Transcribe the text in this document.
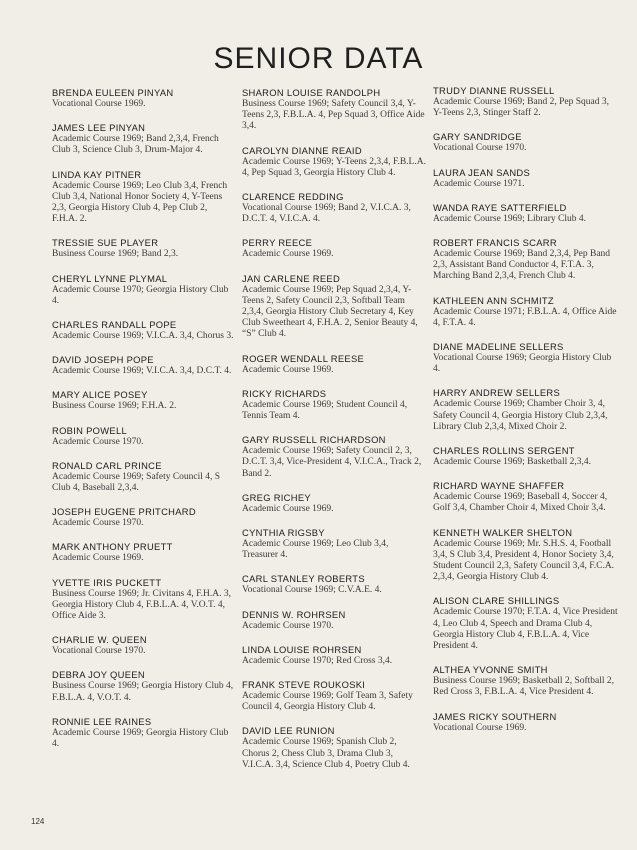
SENIOR DATA
BRENDA EULEEN PINYAN
Vocational Course 1969.
JAMES LEE PINYAN
Academic Course 1969; Band 2,3,4, French Club 3, Science Club 3, Drum-Major 4.
LINDA KAY PITNER
Academic Course 1969; Leo Club 3,4, French Club 3,4, National Honor Society 4, Y-Teens 2,3, Georgia History Club 4, Pep Club 2, F.H.A. 2.
TRESSIE SUE PLAYER
Business Course 1969; Band 2,3.
CHERYL LYNNE PLYMAL
Academic Course 1970; Georgia History Club 4.
CHARLES RANDALL POPE
Academic Course 1969; V.I.C.A. 3,4, Chorus 3.
DAVID JOSEPH POPE
Academic Course 1969; V.I.C.A. 3,4, D.C.T. 4.
MARY ALICE POSEY
Business Course 1969; F.H.A. 2.
ROBIN POWELL
Academic Course 1970.
RONALD CARL PRINCE
Academic Course 1969; Safety Council 4, S Club 4, Baseball 2,3,4.
JOSEPH EUGENE PRITCHARD
Academic Course 1970.
MARK ANTHONY PRUETT
Academic Course 1969.
YVETTE IRIS PUCKETT
Business Course 1969; Jr. Civitans 4, F.H.A. 3, Georgia History Club 4, F.B.L.A. 4, V.O.T. 4, Office Aide 3.
CHARLIE W. QUEEN
Vocational Course 1970.
DEBRA JOY QUEEN
Business Course 1969; Georgia History Club 4, F.B.L.A. 4, V.O.T. 4.
RONNIE LEE RAINES
Academic Course 1969; Georgia History Club 4.
SHARON LOUISE RANDOLPH
Business Course 1969; Safety Council 3,4, Y-Teens 2,3, F.B.L.A. 4, Pep Squad 3, Office Aide 3,4.
CAROLYN DIANNE REAID
Academic Course 1969; Y-Teens 2,3,4, F.B.L.A. 4, Pep Squad 3, Georgia History Club 4.
CLARENCE REDDING
Vocational Course 1969; Band 2, V.I.C.A. 3, D.C.T. 4, V.I.C.A. 4.
PERRY REECE
Academic Course 1969.
JAN CARLENE REED
Academic Course 1969; Pep Squad 2,3,4, Y-Teens 2, Safety Council 2,3, Softball Team 2,3,4, Georgia History Club Secretary 4, Key Club Sweetheart 4, F.H.A. 2, Senior Beauty 4, “S” Club 4.
ROGER WENDALL REESE
Academic Course 1969.
RICKY RICHARDS
Academic Course 1969; Student Council 4, Tennis Team 4.
GARY RUSSELL RICHARDSON
Academic Course 1969; Safety Council 2, 3, D.C.T. 3,4, Vice-President 4, V.I.C.A., Track 2, Band 2.
GREG RICHEY
Academic Course 1969.
CYNTHIA RIGSBY
Academic Course 1969; Leo Club 3,4, Treasurer 4.
CARL STANLEY ROBERTS
Vocational Course 1969; C.V.A.E. 4.
DENNIS W. ROHRSEN
Academic Course 1970.
LINDA LOUISE ROHRSEN
Academic Course 1970; Red Cross 3,4.
FRANK STEVE ROUKOSKI
Academic Course 1969; Golf Team 3, Safety Council 4, Georgia History Club 4.
DAVID LEE RUNION
Academic Course 1969; Spanish Club 2, Chorus 2, Chess Club 3, Drama Club 3, V.I.C.A. 3,4, Science Club 4, Poetry Club 4.
TRUDY DIANNE RUSSELL
Academic Course 1969; Band 2, Pep Squad 3, Y-Teens 2,3, Stinger Staff 2.
GARY SANDRIDGE
Vocational Course 1970.
LAURA JEAN SANDS
Academic Course 1971.
WANDA RAYE SATTERFIELD
Academic Course 1969; Library Club 4.
ROBERT FRANCIS SCARR
Academic Course 1969; Band 2,3,4, Pep Band 2,3, Assistant Band Conductor 4, F.T.A. 3, Marching Band 2,3,4, French Club 4.
KATHLEEN ANN SCHMITZ
Academic Course 1971; F.B.L.A. 4, Office Aide 4, F.T.A. 4.
DIANE MADELINE SELLERS
Vocational Course 1969; Georgia History Club 4.
HARRY ANDREW SELLERS
Academic Course 1969; Chamber Choir 3, 4, Safety Council 4, Georgia History Club 2,3,4, Library Club 2,3,4, Mixed Choir 2.
CHARLES ROLLINS SERGENT
Academic Course 1969; Basketball 2,3,4.
RICHARD WAYNE SHAFFER
Academic Course 1969; Baseball 4, Soccer 4, Golf 3,4, Chamber Choir 4, Mixed Choir 3,4.
KENNETH WALKER SHELTON
Academic Course 1969; Mr. S.H.S. 4, Football 3,4, S Club 3,4, President 4, Honor Society 3,4, Student Council 2,3, Safety Council 3,4, F.C.A. 2,3,4, Georgia History Club 4.
ALISON CLARE SHILLINGS
Academic Course 1970; F.T.A. 4, Vice President 4, Leo Club 4, Speech and Drama Club 4, Georgia History Club 4, F.B.L.A. 4, Vice President 4.
ALTHEA YVONNE SMITH
Business Course 1969; Basketball 2, Softball 2, Red Cross 3, F.B.L.A. 4, Vice President 4.
JAMES RICKY SOUTHERN
Vocational Course 1969.
124
